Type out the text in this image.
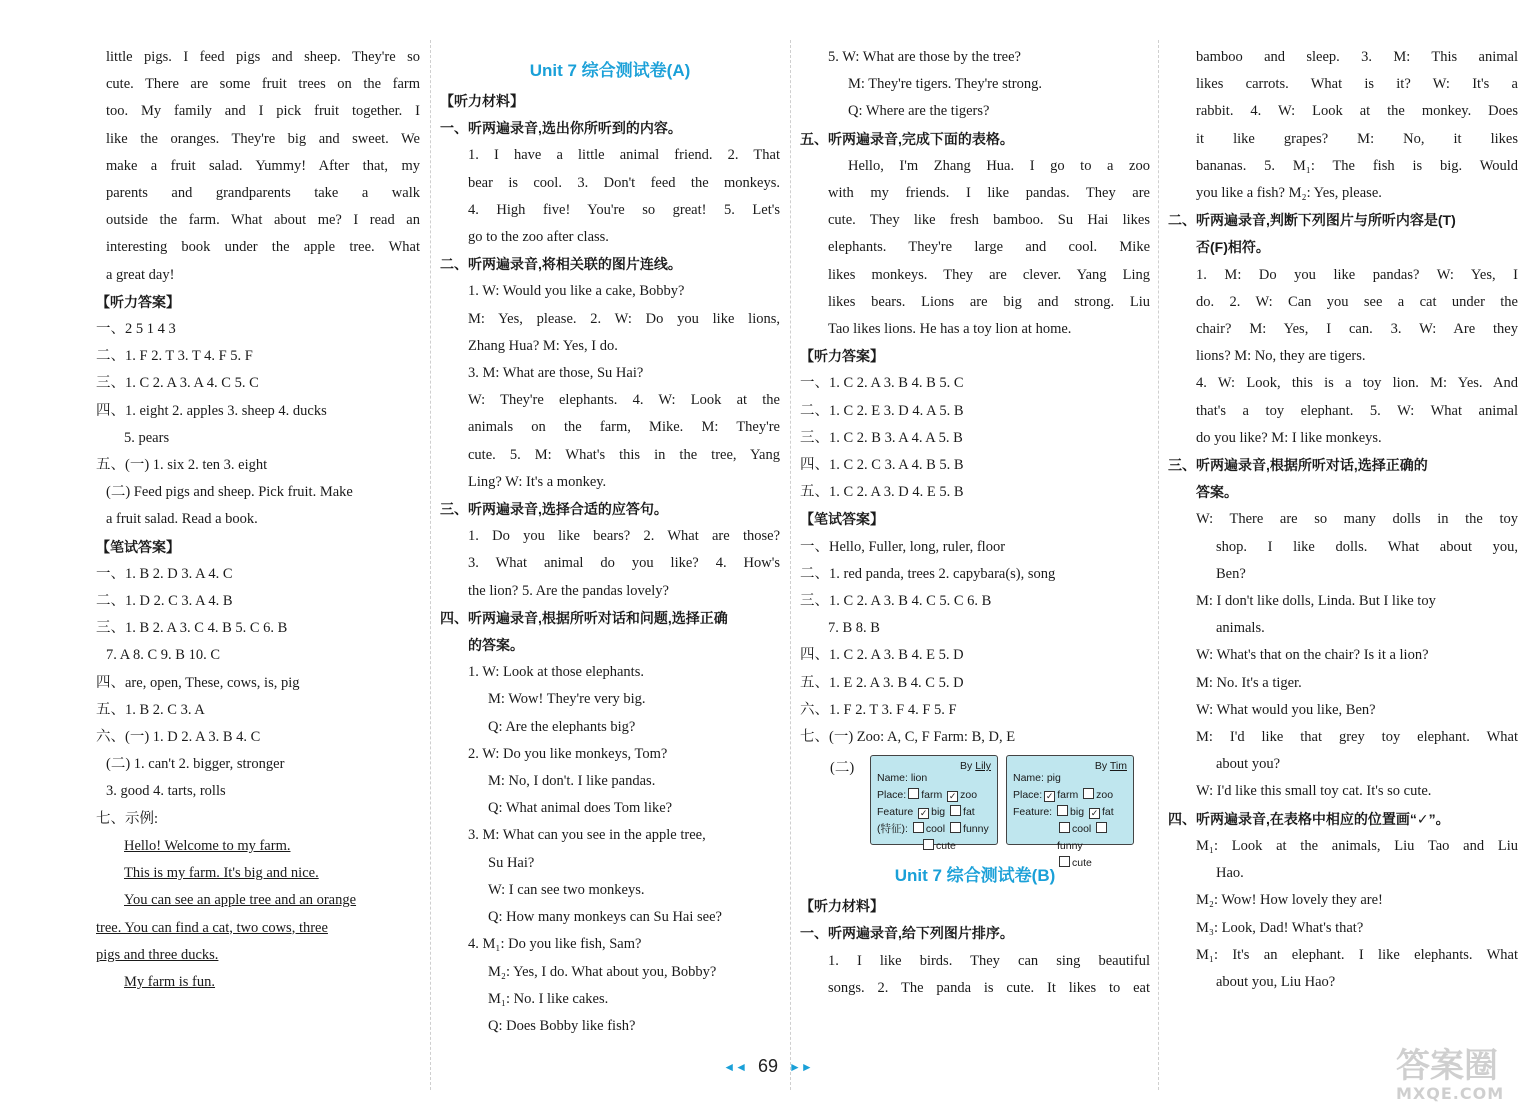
little pigs. I feed pigs and sheep. They're so
cute. There are some fruit trees on the farm
too. My family and I pick fruit together. I
like the oranges. They're big and sweet. We
make a fruit salad. Yummy! After that, my
parents and grandparents take a walk
outside the farm. What about me? I read an
interesting book under the apple tree. What
a great day!
【听力答案】
一、2 5 1 4 3
二、1. F 2. T 3. T 4. F 5. F
三、1. C 2. A 3. A 4. C 5. C
四、1. eight 2. apples 3. sheep 4. ducks
5. pears
五、(一) 1. six 2. ten 3. eight
(二) Feed pigs and sheep. Pick fruit. Make
a fruit salad. Read a book.
【笔试答案】
一、1. B 2. D 3. A 4. C
二、1. D 2. C 3. A 4. B
三、1. B 2. A 3. C 4. B 5. C 6. B
7. A 8. C 9. B 10. C
四、are, open, These, cows, is, pig
五、1. B 2. C 3. A
六、(一) 1. D 2. A 3. B 4. C
(二) 1. can't 2. bigger, stronger
3. good 4. tarts, rolls
七、示例:
Hello! Welcome to my farm.
This is my farm. It's big and nice.
You can see an apple tree and an orange
tree. You can find a cat, two cows, three
pigs and three ducks.
My farm is fun.
Unit 7 综合测试卷(A)
【听力材料】
一、听两遍录音,选出你所听到的内容。
1. I have a little animal friend. 2. That
bear is cool. 3. Don't feed the monkeys.
4. High five! You're so great! 5. Let's
go to the zoo after class.
二、听两遍录音,将相关联的图片连线。
1. W: Would you like a cake, Bobby?
M: Yes, please. 2. W: Do you like lions,
Zhang Hua? M: Yes, I do.
3. M: What are those, Su Hai?
W: They're elephants. 4. W: Look at the
animals on the farm, Mike. M: They're
cute. 5. M: What's this in the tree, Yang
Ling? W: It's a monkey.
三、听两遍录音,选择合适的应答句。
1. Do you like bears? 2. What are those?
3. What animal do you like? 4. How's
the lion? 5. Are the pandas lovely?
四、听两遍录音,根据所听对话和问题,选择正确
的答案。
1. W: Look at those elephants.
M: Wow! They're very big.
Q: Are the elephants big?
2. W: Do you like monkeys, Tom?
M: No, I don't. I like pandas.
Q: What animal does Tom like?
3. M: What can you see in the apple tree,
Su Hai?
W: I can see two monkeys.
Q: How many monkeys can Su Hai see?
4. M₁: Do you like fish, Sam?
M₂: Yes, I do. What about you, Bobby?
M₁: No. I like cakes.
Q: Does Bobby like fish?
5. W: What are those by the tree?
M: They're tigers. They're strong.
Q: Where are the tigers?
五、听两遍录音,完成下面的表格。
Hello, I'm Zhang Hua. I go to a zoo
with my friends. I like pandas. They are
cute. They like fresh bamboo. Su Hai likes
elephants. They're large and cool. Mike
likes monkeys. They are clever. Yang Ling
likes bears. Lions are big and strong. Liu
Tao likes lions. He has a toy lion at home.
【听力答案】
一、1. C 2. A 3. B 4. B 5. C
二、1. C 2. E 3. D 4. A 5. B
三、1. C 2. B 3. A 4. A 5. B
四、1. C 2. C 3. A 4. B 5. B
五、1. C 2. A 3. D 4. E 5. B
【笔试答案】
一、Hello, Fuller, long, ruler, floor
二、1. red panda, trees 2. capybara(s), song
三、1. C 2. A 3. B 4. C 5. C 6. B
7. B 8. B
四、1. C 2. A 3. B 4. E 5. D
五、1. E 2. A 3. B 4. C 5. D
六、1. F 2. T 3. F 4. F 5. F
七、(一) Zoo: A, C, F Farm: B, D, E
(二)	By Lily
Name: lion
Place: farm ✓ zoo
Feature ✓ big fat
(特征): cool funny
cute
By Tim
Name: pig
Place: ✓ farm zoo
Feature: big ✓ fat
cool funny
cute
Unit 7 综合测试卷(B)
【听力材料】
一、听两遍录音,给下列图片排序。
1. I like birds. They can sing beautiful
songs. 2. The panda is cute. It likes to eat
bamboo and sleep. 3. M: This animal
likes carrots. What is it? W: It's a
rabbit. 4. W: Look at the monkey. Does
it like grapes? M: No, it likes
bananas. 5. M₁: The fish is big. Would
you like a fish? M₂: Yes, please.
二、听两遍录音,判断下列图片与所听内容是(T)
否(F)相符。
1. M: Do you like pandas? W: Yes, I
do. 2. W: Can you see a cat under the
chair? M: Yes, I can. 3. W: Are they
lions? M: No, they are tigers.
4. W: Look, this is a toy lion. M: Yes. And
that's a toy elephant. 5. W: What animal
do you like? M: I like monkeys.
三、听两遍录音,根据所听对话,选择正确的
答案。
W: There are so many dolls in the toy
shop. I like dolls. What about you,
Ben?
M: I don't like dolls, Linda. But I like toy
animals.
W: What's that on the chair? Is it a lion?
M: No. It's a tiger.
W: What would you like, Ben?
M: I'd like that grey toy elephant. What
about you?
W: I'd like this small toy cat. It's so cute.
四、听两遍录音,在表格中相应的位置画“✓”。
M₁: Look at the animals, Liu Tao and Liu
Hao.
M₂: Wow! How lovely they are!
M₃: Look, Dad! What's that?
M₁: It's an elephant. I like elephants. What
about you, Liu Hao?
◄◄ 69 ►►	答案圈
MXQE.COM
